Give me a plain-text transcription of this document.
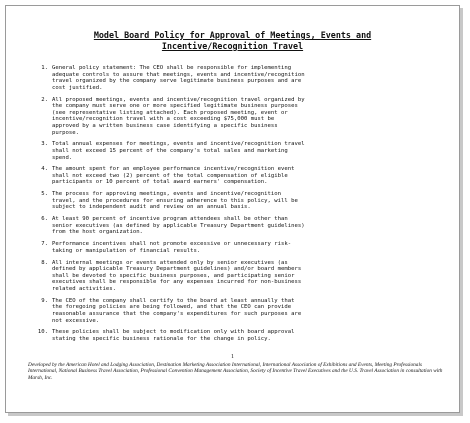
Model Board Policy for Approval of Meetings, Events and
Incentive/Recognition Travel
1. General policy statement: The CEO shall be responsible for implementing
adequate controls to assure that meetings, events and incentive/recognition
travel organized by the company serve legitimate business purposes and are
cost justified.
2. All proposed meetings, events and incentive/recognition travel organized by
the company must serve one or more specified legitimate business purposes
(see representative listing attached). Each proposed meeting, event or
incentive/recognition travel with a cost exceeding $75,000 must be
approved by a written business case identifying a specific business
purpose.
3. Total annual expenses for meetings, events and incentive/recognition travel
shall not exceed 15 percent of the company's total sales and marketing
spend.
4. The amount spent for an employee performance incentive/recognition event
shall not exceed two (2) percent of the total compensation of eligible
participants or 10 percent of total award earners' compensation.
5. The process for approving meetings, events and incentive/recognition
travel, and the procedures for ensuring adherence to this policy, will be
subject to independent audit and review on an annual basis.
6. At least 90 percent of incentive program attendees shall be other than
senior executives (as defined by applicable Treasury Department guidelines)
from the host organization.
7. Performance incentives shall not promote excessive or unnecessary risk-
taking or manipulation of financial results.
8. All internal meetings or events attended only by senior executives (as
defined by applicable Treasury Department guidelines) and/or board members
shall be devoted to specific business purposes, and participating senior
executives shall be responsible for any expenses incurred for non-business
related activities.
9. The CEO of the company shall certify to the board at least annually that
the foregoing policies are being followed, and that the CEO can provide
reasonable assurance that the company's expenditures for such purposes are
not excessive.
10. These policies shall be subject to modification only with board approval
stating the specific business rationale for the change in policy.
1
Developed by the American Hotel and Lodging Association, Destination Marketing Association International, International Association of Exhibitions and Events, Meeting Professionals International, National Business Travel Association, Professional Convention Management Association, Society of Incentive Travel Executives and the U.S. Travel Association in consultation with Marsh, Inc.
